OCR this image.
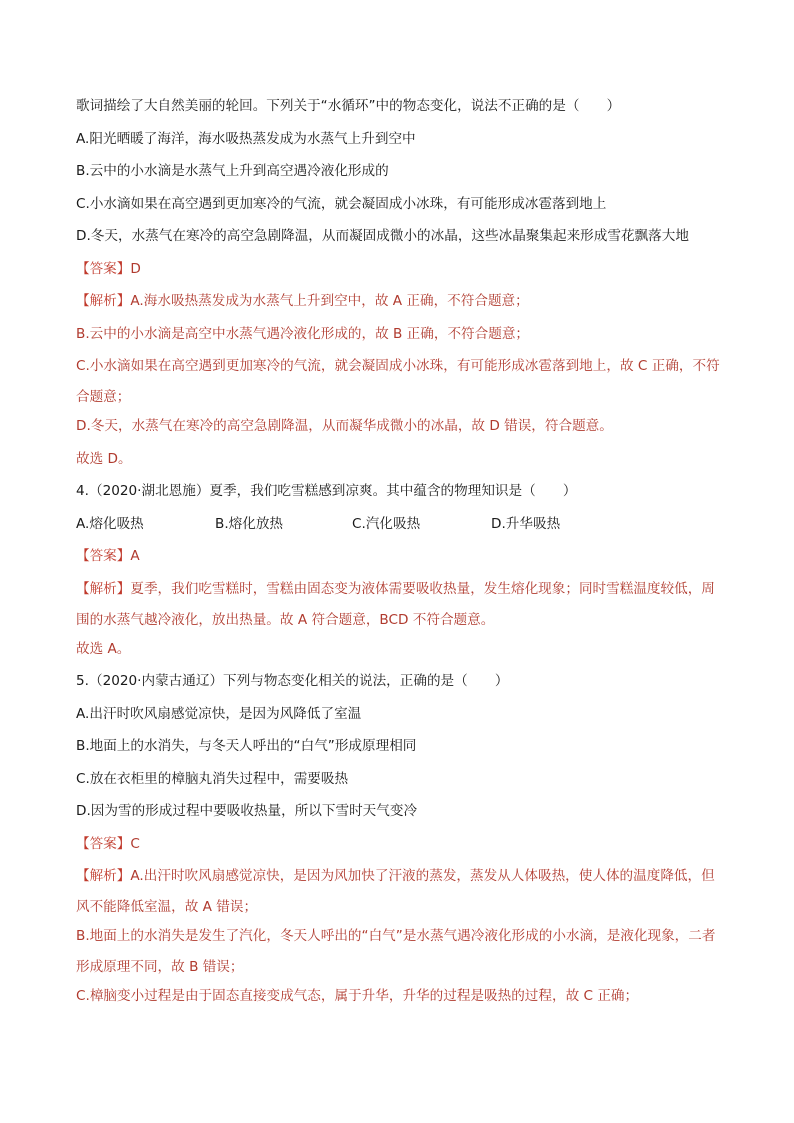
歌词描绘了大自然美丽的轮回。下列关于“水循环”中的物态变化，说法不正确的是（　　）
A.阳光晒暖了海洋，海水吸热蒸发成为水蒸气上升到空中
B.云中的小水滴是水蒸气上升到高空遇冷液化形成的
C.小水滴如果在高空遇到更加寒冷的气流，就会凝固成小冰珠，有可能形成冰雹落到地上
D.冬天，水蒸气在寒冷的高空急剧降温，从而凝固成微小的冰晶，这些冰晶聚集起来形成雪花飘落大地
【答案】D
【解析】A.海水吸热蒸发成为水蒸气上升到空中，故 A 正确，不符合题意；
B.云中的小水滴是高空中水蒸气遇冷液化形成的，故 B 正确，不符合题意；
C.小水滴如果在高空遇到更加寒冷的气流，就会凝固成小冰珠，有可能形成冰雹落到地上，故 C 正确，不符合题意；
D.冬天，水蒸气在寒冷的高空急剧降温，从而凝华成微小的冰晶，故 D 错误，符合题意。
故选 D。
4.（2020·湖北恩施）夏季，我们吃雪糕感到凉爽。其中蕴含的物理知识是（　　）
A.熔化吸热	B.熔化放热	C.汽化吸热	D.升华吸热
【答案】A
【解析】夏季，我们吃雪糕时，雪糕由固态变为液体需要吸收热量，发生熔化现象；同时雪糕温度较低，周围的水蒸气越冷液化，放出热量。故 A 符合题意，BCD 不符合题意。
故选 A。
5.（2020·内蒙古通辽）下列与物态变化相关的说法，正确的是（　　）
A.出汗时吹风扇感觉凉快，是因为风降低了室温
B.地面上的水消失，与冬天人呼出的“白气”形成原理相同
C.放在衣柜里的樟脑丸消失过程中，需要吸热
D.因为雪的形成过程中要吸收热量，所以下雪时天气变冷
【答案】C
【解析】A.出汗时吹风扇感觉凉快，是因为风加快了汗液的蒸发，蒸发从人体吸热，使人体的温度降低，但风不能降低室温，故 A 错误；
B.地面上的水消失是发生了汽化，冬天人呼出的“白气”是水蒸气遇冷液化形成的小水滴，是液化现象，二者形成原理不同，故 B 错误；
C.樟脑变小过程是由于固态直接变成气态，属于升华，升华的过程是吸热的过程，故 C 正确；
